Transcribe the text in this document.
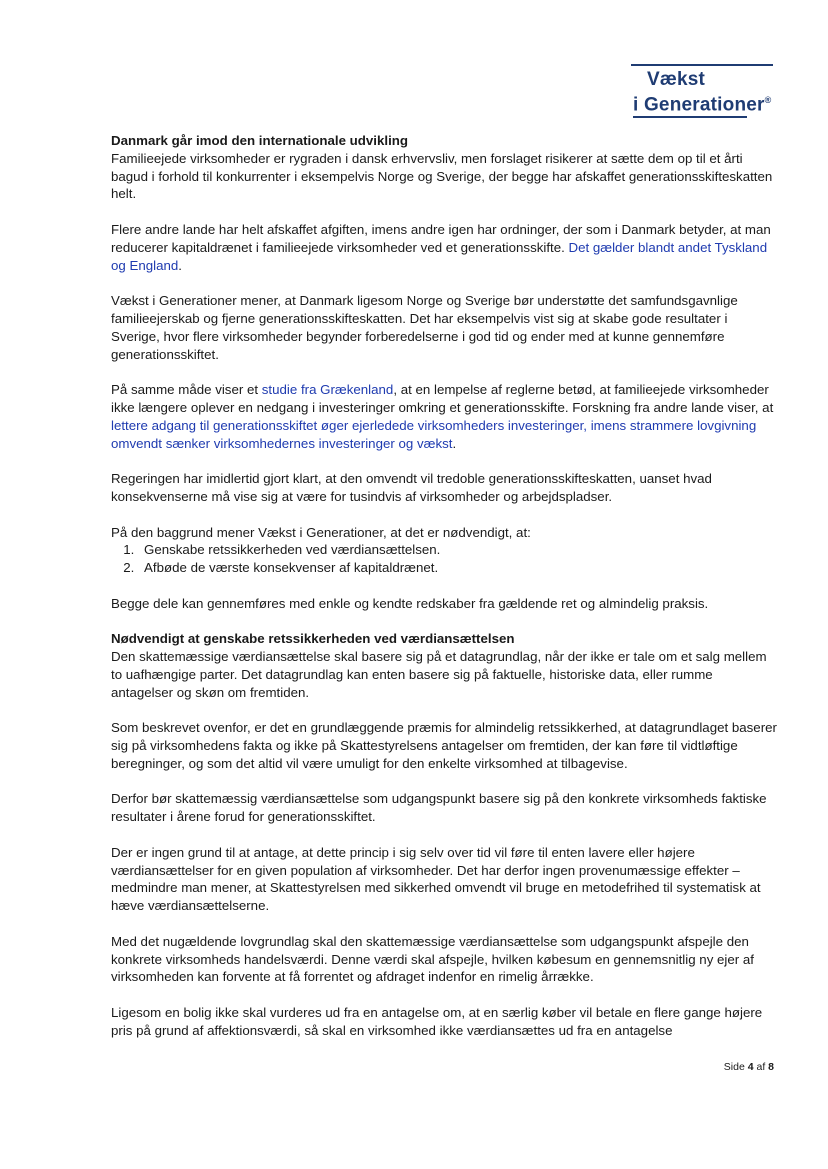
Vækst
i Generationer®
Danmark går imod den internationale udvikling

Familieejede virksomheder er rygraden i dansk erhvervsliv, men forslaget risikerer at sætte dem op til et årti bagud i forhold til konkurrenter i eksempelvis Norge og Sverige, der begge har afskaffet generationsskifteskatten helt.

Flere andre lande har helt afskaffet afgiften, imens andre igen har ordninger, der som i Danmark betyder, at man reducerer kapitaldrænet i familieejede virksomheder ved et generationsskifte. Det gælder blandt andet Tyskland og England.

Vækst i Generationer mener, at Danmark ligesom Norge og Sverige bør understøtte det samfundsgavnlige familieejerskab og fjerne generationsskifteskatten. Det har eksempelvis vist sig at skabe gode resultater i Sverige, hvor flere virksomheder begynder forberedelserne i god tid og ender med at kunne gennemføre generationsskiftet.

På samme måde viser et studie fra Grækenland, at en lempelse af reglerne betød, at familieejede virksomheder ikke længere oplever en nedgang i investeringer omkring et generationsskifte. Forskning fra andre lande viser, at lettere adgang til generationsskiftet øger ejerledede virksomheders investeringer, imens strammere lovgivning omvendt sænker virksomhedernes investeringer og vækst.

Regeringen har imidlertid gjort klart, at den omvendt vil tredoble generationsskifteskatten, uanset hvad konsekvenserne må vise sig at være for tusindvis af virksomheder og arbejdspladser.

På den baggrund mener Vækst i Generationer, at det er nødvendigt, at:

1. Genskabe retssikkerheden ved værdiansættelsen.
2. Afbøde de værste konsekvenser af kapitaldrænet.

Begge dele kan gennemføres med enkle og kendte redskaber fra gældende ret og almindelig praksis.

Nødvendigt at genskabe retssikkerheden ved værdiansættelsen

Den skattemæssige værdiansættelse skal basere sig på et datagrundlag, når der ikke er tale om et salg mellem to uafhængige parter. Det datagrundlag kan enten basere sig på faktuelle, historiske data, eller rumme antagelser og skøn om fremtiden.

Som beskrevet ovenfor, er det en grundlæggende præmis for almindelig retssikkerhed, at datagrundlaget baserer sig på virksomhedens fakta og ikke på Skattestyrelsens antagelser om fremtiden, der kan føre til vidtløftige beregninger, og som det altid vil være umuligt for den enkelte virksomhed at tilbagevise.

Derfor bør skattemæssig værdiansættelse som udgangspunkt basere sig på den konkrete virksomheds faktiske resultater i årene forud for generationsskiftet.

Der er ingen grund til at antage, at dette princip i sig selv over tid vil føre til enten lavere eller højere værdiansættelser for en given population af virksomheder. Det har derfor ingen provenumæssige effekter – medmindre man mener, at Skattestyrelsen med sikkerhed omvendt vil bruge en metodefrihed til systematisk at hæve værdiansættelserne.

Med det nugældende lovgrundlag skal den skattemæssige værdiansættelse som udgangspunkt afspejle den konkrete virksomheds handelsværdi. Denne værdi skal afspejle, hvilken købesum en gennemsnitlig ny ejer af virksomheden kan forvente at få forrentet og afdraget indenfor en rimelig årrække.

Ligesom en bolig ikke skal vurderes ud fra en antagelse om, at en særlig køber vil betale en flere gange højere pris på grund af affektionsværdi, så skal en virksomhed ikke værdiansættes ud fra en antagelse

Side 4 af 8
